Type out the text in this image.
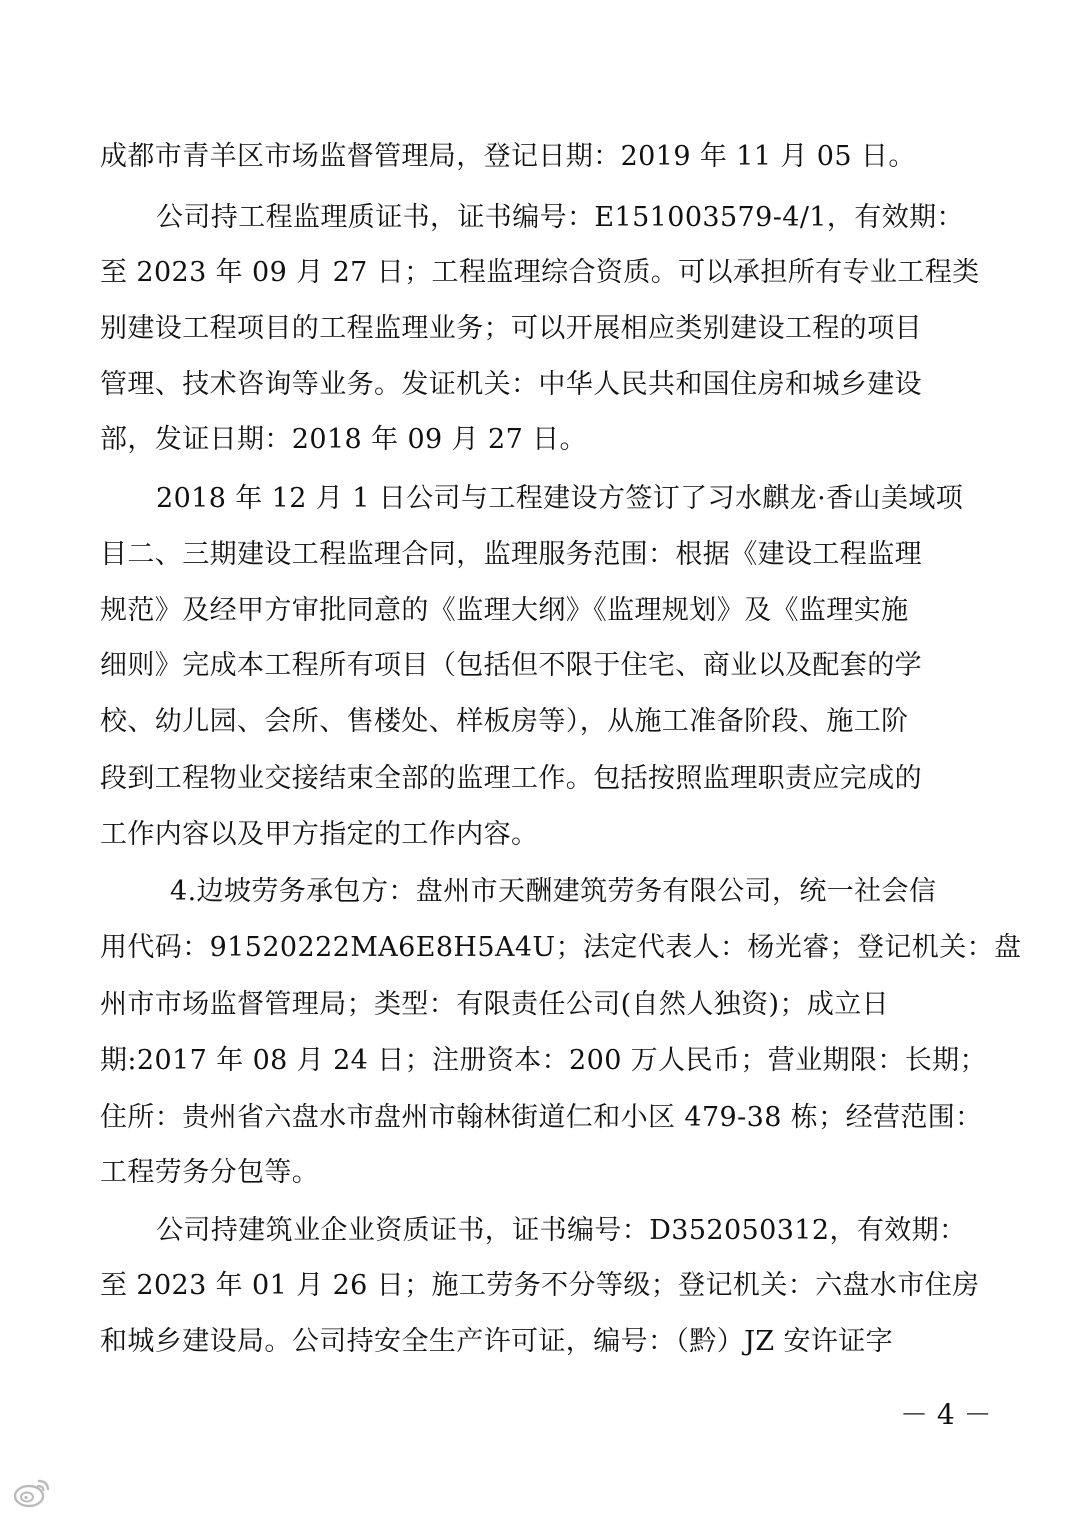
成都市青羊区市场监督管理局，登记日期：2019 年 11 月 05 日。
公司持工程监理质证书，证书编号：E151003579-4/1，有效期：
至 2023 年 09 月 27 日；工程监理综合资质。可以承担所有专业工程类
别建设工程项目的工程监理业务；可以开展相应类别建设工程的项目
管理、技术咨询等业务。发证机关：中华人民共和国住房和城乡建设
部，发证日期：2018 年 09 月 27 日。
2018 年 12 月 1 日公司与工程建设方签订了习水麒龙·香山美域项
目二、三期建设工程监理合同，监理服务范围：根据《建设工程监理
规范》及经甲方审批同意的《监理大纲》《监理规划》及《监理实施
细则》完成本工程所有项目（包括但不限于住宅、商业以及配套的学
校、幼儿园、会所、售楼处、样板房等），从施工准备阶段、施工阶
段到工程物业交接结束全部的监理工作。包括按照监理职责应完成的
工作内容以及甲方指定的工作内容。
4.边坡劳务承包方：盘州市天酬建筑劳务有限公司，统一社会信
用代码：91520222MA6E8H5A4U；法定代表人：杨光睿；登记机关：盘
州市市场监督管理局；类型：有限责任公司(自然人独资)；成立日
期:2017 年 08 月 24 日；注册资本：200 万人民币；营业期限：长期；
住所：贵州省六盘水市盘州市翰林街道仁和小区 479-38 栋；经营范围：
工程劳务分包等。
公司持建筑业企业资质证书，证书编号：D352050312，有效期：
至 2023 年 01 月 26 日；施工劳务不分等级；登记机关：六盘水市住房
和城乡建设局。公司持安全生产许可证，编号：（黔）JZ 安许证字
－ 4 －
